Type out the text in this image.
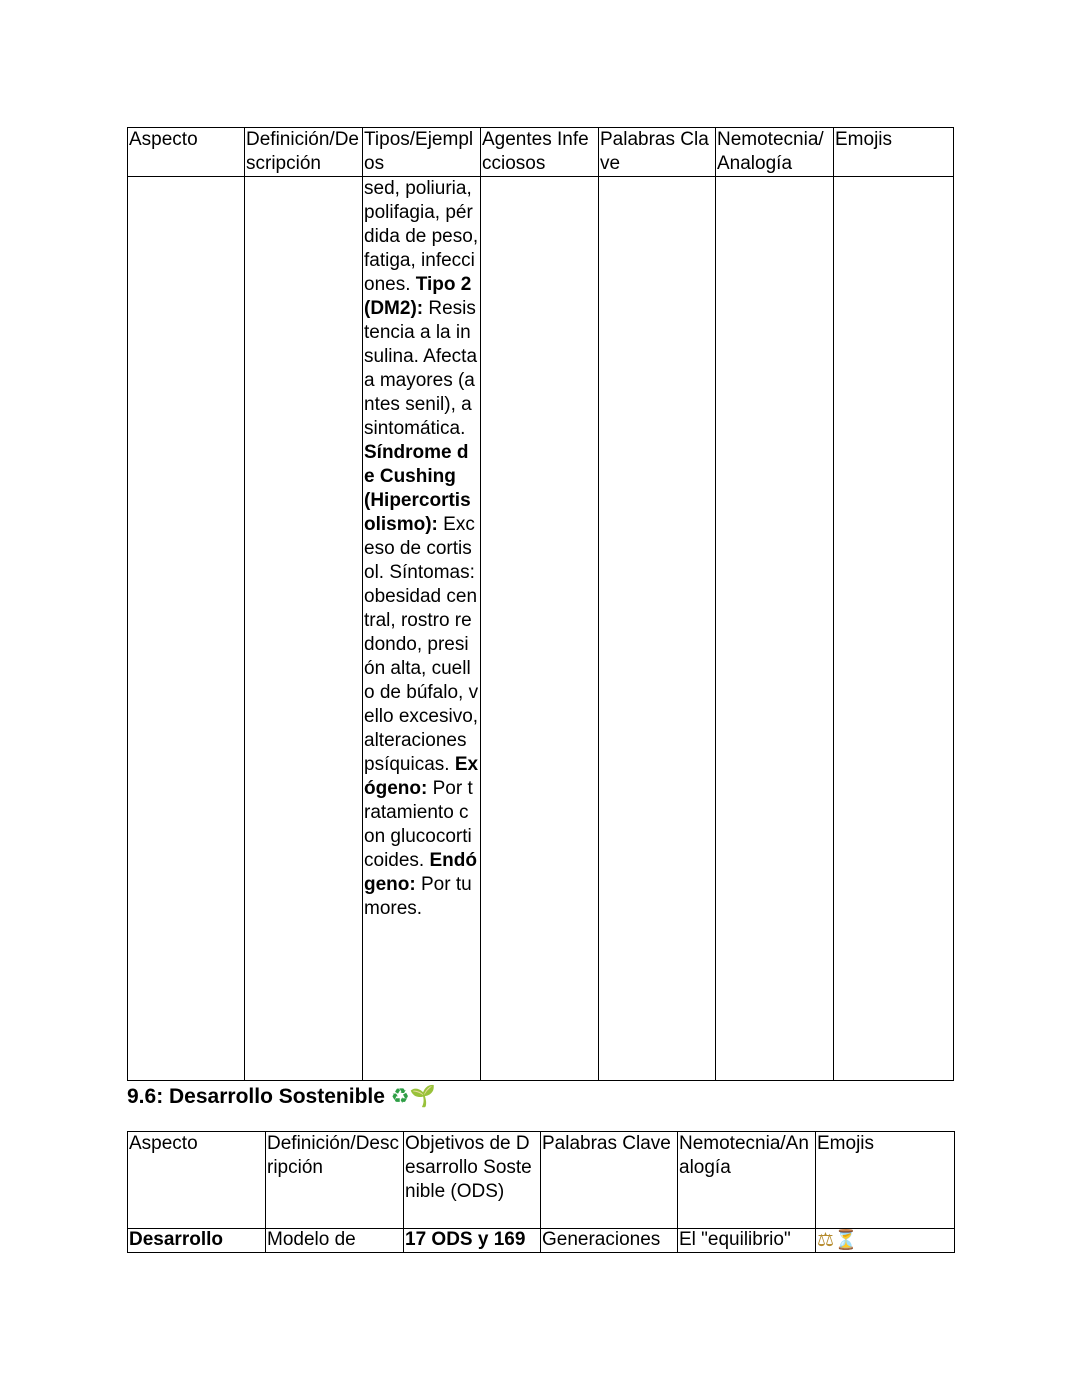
Aspecto	Definición/Descripción	Tipos/Ejemplos	Agentes Infecciosos	Palabras Clave	Nemotecnia/Analogía	Emojis
		sed, poliuria, polifagia, pérdida de peso, fatiga, infecciones. Tipo 2 (DM2): Resistencia a la insulina. Afecta a mayores (antes senil), asintomática. Síndrome de Cushing (Hipercortisolismo): Exceso de cortisol. Síntomas: obesidad central, rostro redondo, presión alta, cuello de búfalo, vello excesivo, alteraciones psíquicas. Exógeno: Por tratamiento con glucocorticoides. Endógeno: Por tumores.				
9.6: Desarrollo Sostenible ♻🌱
Aspecto	Definición/Descripción	Objetivos de Desarrollo Sostenible (ODS)	Palabras Clave	Nemotecnia/Analogía	Emojis
Desarrollo	Modelo de	17 ODS y 169	Generaciones	El "equilibrio"	⚖⏳
